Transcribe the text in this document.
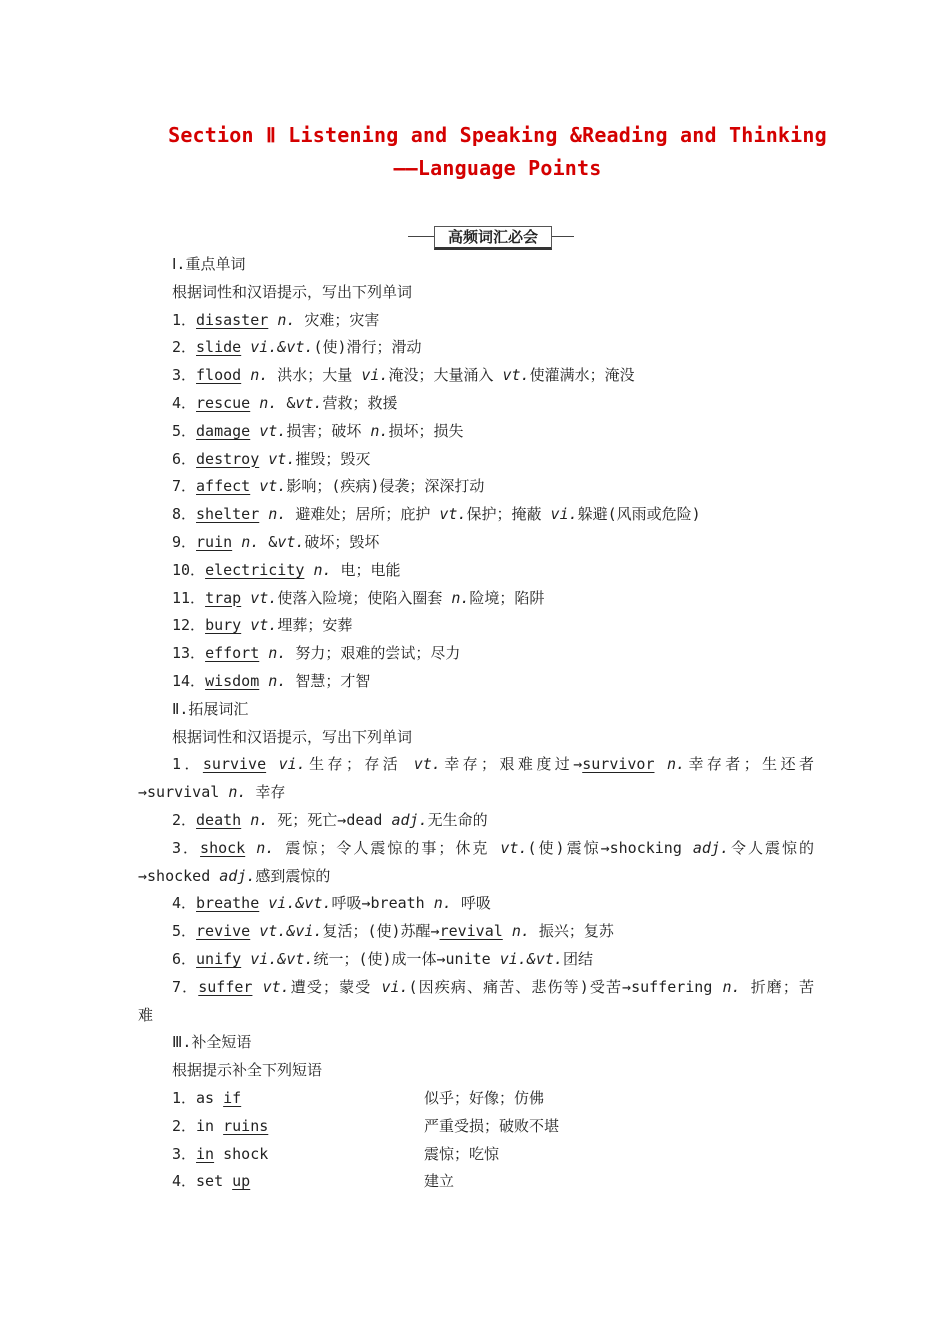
Section Ⅱ Listening and Speaking &Reading and Thinking
——Language Points
高频词汇必会
Ⅰ.重点单词
根据词性和汉语提示，写出下列单词
1．disaster n. 灾难；灾害
2．slide vi.&vt.(使)滑行；滑动
3．flood n. 洪水；大量 vi.淹没；大量涌入 vt.使灌满水；淹没
4．rescue n. &vt.营救；救援
5．damage vt.损害；破坏 n.损坏；损失
6．destroy vt.摧毁；毁灭
7．affect vt.影响；(疾病)侵袭；深深打动
8．shelter n. 避难处；居所；庇护 vt.保护；掩蔽 vi.躲避(风雨或危险)
9．ruin n. &vt.破坏；毁坏
10．electricity n. 电；电能
11．trap vt.使落入险境；使陷入圈套 n.险境；陷阱
12．bury vt.埋葬；安葬
13．effort n. 努力；艰难的尝试；尽力
14．wisdom n. 智慧；才智
Ⅱ.拓展词汇
根据词性和汉语提示，写出下列单词
1．survive vi.生存；存活 vt.幸存；艰难度过→survivor n.幸存者；生还者
→survival n. 幸存
2．death n. 死；死亡→dead adj.无生命的
3．shock n. 震惊；令人震惊的事；休克 vt.(使)震惊→shocking adj.令人震惊的
→shocked adj.感到震惊的
4．breathe vi.&vt.呼吸→breath n. 呼吸
5．revive vt.&vi.复活；(使)苏醒→revival n. 振兴；复苏
6．unify vi.&vt.统一；(使)成一体→unite vi.&vt.团结
7．suffer vt.遭受；蒙受 vi.(因疾病、痛苦、悲伤等)受苦→suffering n. 折磨；苦
难
Ⅲ.补全短语
根据提示补全下列短语
1．as if	似乎；好像；仿佛
2．in ruins	严重受损；破败不堪
3．in shock	震惊；吃惊
4．set up	建立
